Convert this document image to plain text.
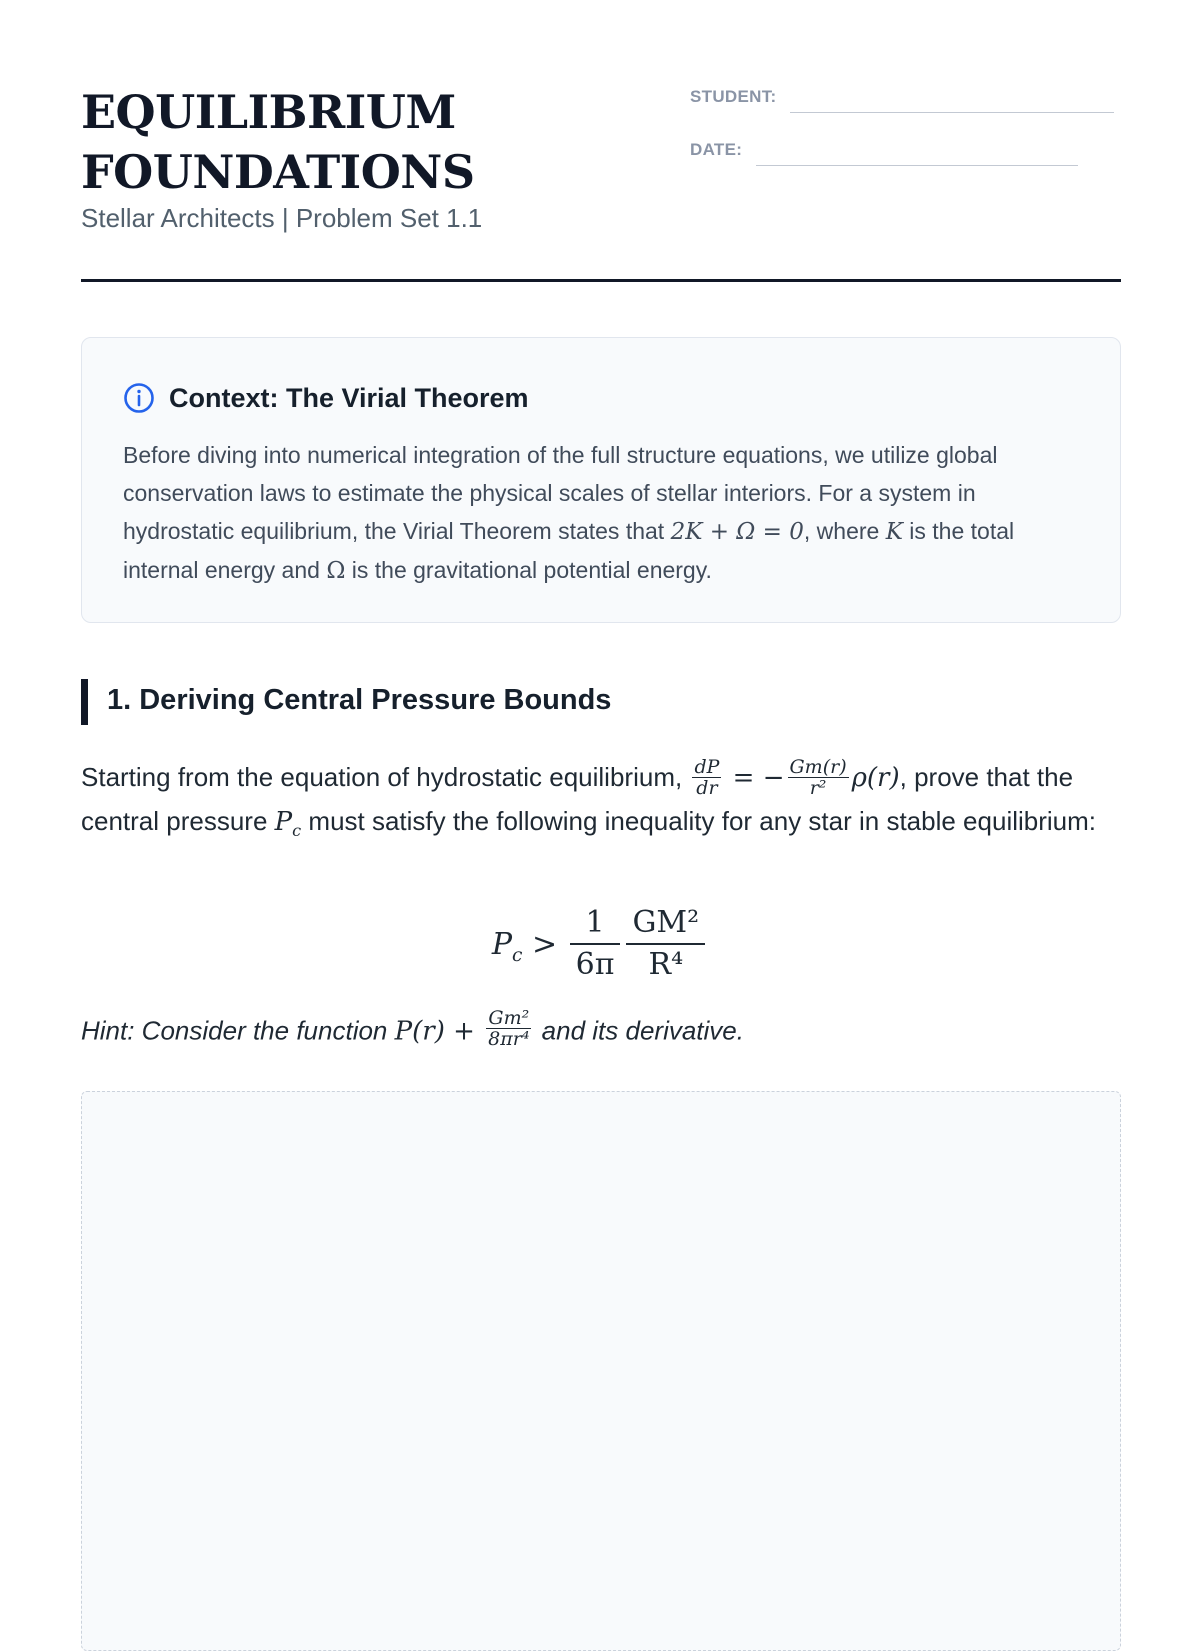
EQUILIBRIUM
FOUNDATIONS
Stellar Architects | Problem Set 1.1
STUDENT:
DATE:
Context: The Virial Theorem
Before diving into numerical integration of the full structure equations, we utilize global conservation laws to estimate the physical scales of stellar interiors. For a system in hydrostatic equilibrium, the Virial Theorem states that 2K + Ω = 0, where K is the total internal energy and Ω is the gravitational potential energy.
1. Deriving Central Pressure Bounds
Starting from the equation of hydrostatic equilibrium, $\frac{dP}{dr}$ = − $\frac{Gm(r)}{\text{r²}} \rho(r)$, prove that the central pressure $P_c$ must satisfy the following inequality for any star in stable equilibrium:
$P_c > \frac{1}{6\pi} \frac{\text{GM²}}{\text{R⁴}}$
Hint: Consider the function $P(r) + \frac{\text{Gm²}}{\text{8πr⁴}}$ and its derivative.
